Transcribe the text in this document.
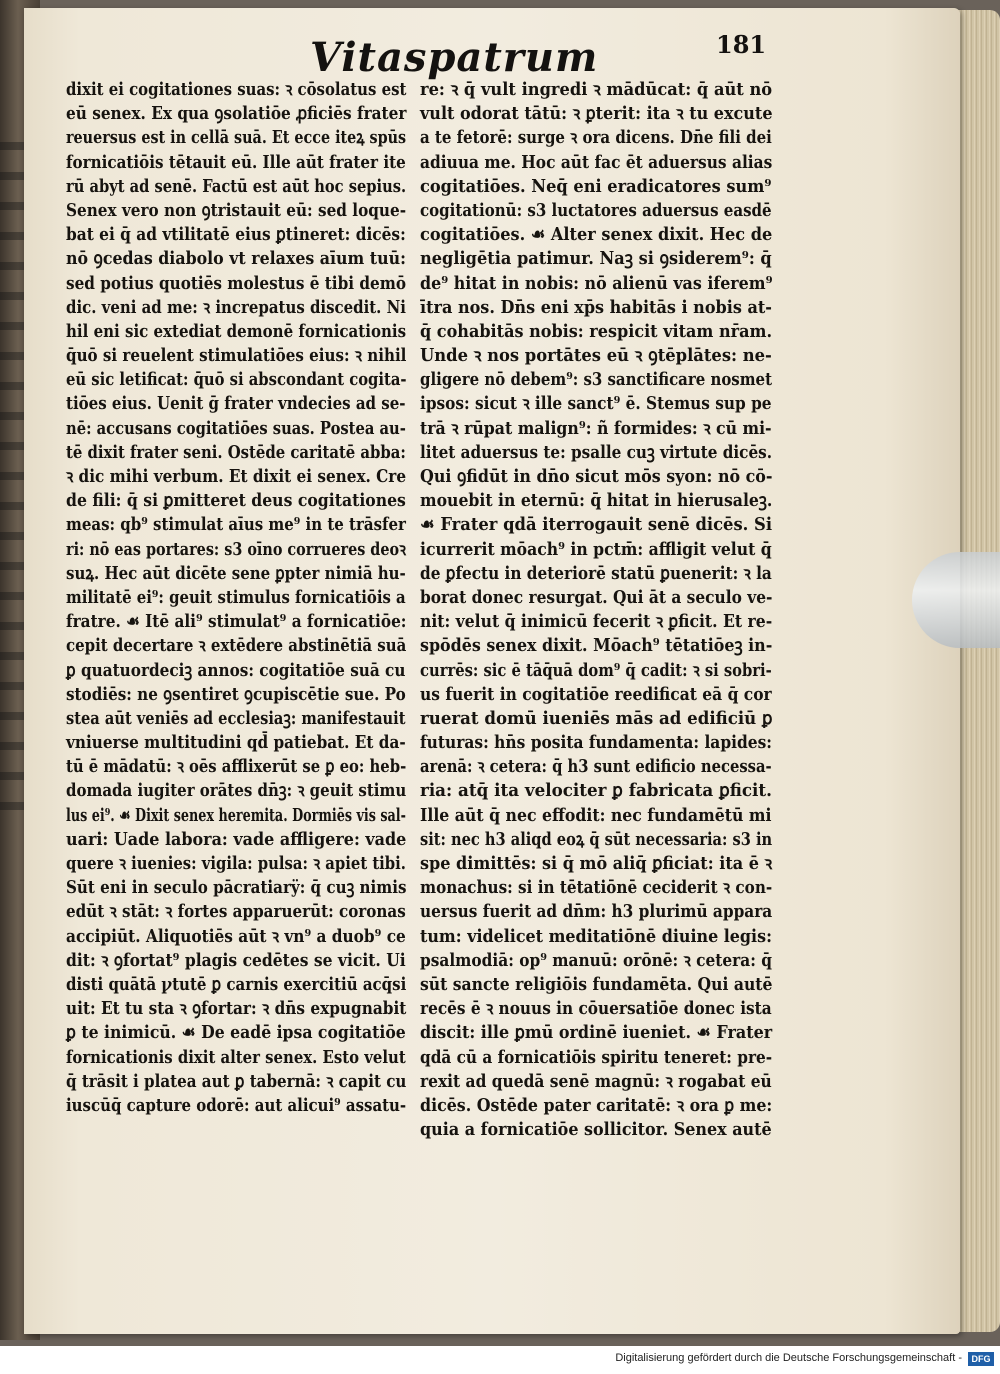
Vitaspatrum	181
dixit ei cogitationes suas: ꝛ cōsolatus est
eū senex. Ex qua ꝯsolatiōe ꝓficiēs frater
reuersus est in cellā suā. Et ecce iteꝝ spūs
fornicatiōis tētauit eū. Ille aūt frater ite
rū abyt ad senē. Factū est aūt hoc sepius.
Senex vero non ꝯtristauit eū: sed loque-
bat ei q̄ ad vtilitatē eius ꝑtineret: dicēs:
nō ꝯcedas diabolo vt relaxes aīum tuū:
sed potius quotiēs molestus ē tibi demō
dic. veni ad me: ꝛ increpatus discedit. Ni
hil eni sic extediat demonē fornicationis
q̄uō si reuelent stimulatiōes eius: ꝛ nihil
eū sic letificat: q̄uō si abscondant cogita-
tiōes eius. Uenit ḡ frater vndecies ad se-
nē: accusans cogitatiōes suas. Postea au-
tē dixit frater seni. Ostēde caritatē abba:
ꝛ dic mihi verbum. Et dixit ei senex. Cre
de fili: q̄ si ꝑmitteret deus cogitationes
meas: qb⁹ stimulat aīus me⁹ in te trāsfer
ri: nō eas portares: s3 oīno corrueres deoꝛ
suꝝ. Hec aūt dicēte sene ꝑpter nimiā hu-
militatē ei⁹: geuit stimulus fornicatiōis a
fratre. ☙ Itē ali⁹ stimulat⁹ a fornicatiōe:
cepit decertare ꝛ extēdere abstinētiā suā
ꝑ quatuordeciꝫ annos: cogitatiōe suā cu
stodiēs: ne ꝯsentiret ꝯcupiscētie sue. Po
stea aūt veniēs ad ecclesiaꝫ: manifestauit
vniuerse multitudini qd̄ patiebat. Et da-
tū ē mādatū: ꝛ oēs afflixerūt se ꝑ eo: heb-
domada iugiter orātes dn̄ꝫ: ꝛ geuit stimu
lus ei⁹. ☙ Dixit senex heremita. Dormiēs vis sal-
uari: Uade labora: vade affligere: vade
quere ꝛ iuenies: vigila: pulsa: ꝛ apiet tibi.
Sūt eni in seculo pācratiarÿ: q̄ cuꝫ nimis
edūt ꝛ stāt: ꝛ fortes apparuerūt: coronas
accipiūt. Aliquotiēs aūt ꝛ vn⁹ a duob⁹ ce
dit: ꝛ ꝯfortat⁹ plagis cedētes se vicit. Ui
disti quātā ꝩtutē ꝑ carnis exercitiū acq̄si
uit: Et tu sta ꝛ ꝯfortar: ꝛ dn̄s expugnabit
ꝑ te inimicū. ☙ De eadē ipsa cogitatiōe
fornicationis dixit alter senex. Esto velut
q̄ trāsit i platea aut ꝑ tabernā: ꝛ capit cu
iuscūq̄ capture odorē: aut alicui⁹ assatu-
re: ꝛ q̄ vult ingredi ꝛ mādūcat: q̄ aūt nō
vult odorat tātū: ꝛ ꝑterit: ita ꝛ tu excute
a te fetorē: surge ꝛ ora dicens. Dn̄e fili dei
adiuua me. Hoc aūt fac ēt aduersus alias
cogitatiōes. Neq̄ eni eradicatores sum⁹
cogitationū: s3 luctatores aduersus easdē
cogitatiōes. ☙ Alter senex dixit. Hec de
negligētia patimur. Naꝫ si ꝯsiderem⁹: q̄
de⁹ hitat in nobis: nō alienū vas iferem⁹
ītra nos. Dn̄s eni xp̄s habitās i nobis at-
q̄ cohabitās nobis: respicit vitam nr̄am.
Unde ꝛ nos portātes eū ꝛ ꝯtēplātes: ne-
gligere nō debem⁹: s3 sanctificare nosmet
ipsos: sicut ꝛ ille sanct⁹ ē. Stemus sup pe
trā ꝛ rūpat malign⁹: ñ formides: ꝛ cū mi-
litet aduersus te: psalle cuꝫ virtute dicēs.
Qui ꝯfidūt in dn̄o sicut mōs syon: nō cō-
mouebit in eternū: q̄ hitat in hierusaleꝫ.
☙ Frater qdā iterrogauit senē dicēs. Si
icurrerit mōach⁹ in pctm̄: affligit velut q̄
de ꝑfectu in deteriorē statū ꝑuenerit: ꝛ la
borat donec resurgat. Qui āt a seculo ve-
nit: velut q̄ inimicū fecerit ꝛ ꝑficit. Et re-
spōdēs senex dixit. Mōach⁹ tētatiōeꝫ in-
currēs: sic ē tāq̄uā dom⁹ q̄ cadit: ꝛ si sobri-
us fuerit in cogitatiōe reedificat eā q̄ cor
ruerat domū iueniēs mās ad edificiū ꝑ
futuras: hn̄s posita fundamenta: lapides:
arenā: ꝛ cetera: q̄ h3 sunt edificio necessa-
ria: atq̄ ita velociter ꝑ fabricata ꝑficit.
Ille aūt q̄ nec effodit: nec fundamētū mi
sit: nec h3 aliqd eoꝝ q̄ sūt necessaria: s3 in
spe dimittēs: si q̄ mō aliq̄ ꝑficiat: ita ē ꝛ
monachus: si in tētatiōnē ceciderit ꝛ con-
uersus fuerit ad dn̄m: h3 plurimū appara
tum: videlicet meditatiōnē diuine legis:
psalmodiā: op⁹ manuū: orōnē: ꝛ cetera: q̄
sūt sancte religiōis fundamēta. Qui autē
recēs ē ꝛ nouus in cōuersatiōe donec ista
discit: ille ꝑmū ordinē iueniet. ☙ Frater
qdā cū a fornicatiōis spiritu teneret: pre-
rexit ad quedā senē magnū: ꝛ rogabat eū
dicēs. Ostēde pater caritatē: ꝛ ora ꝑ me:
quia a fornicatiōe sollicitor. Senex autē
Digitalisierung gefördert durch die Deutsche Forschungsgemeinschaft -	DFG
